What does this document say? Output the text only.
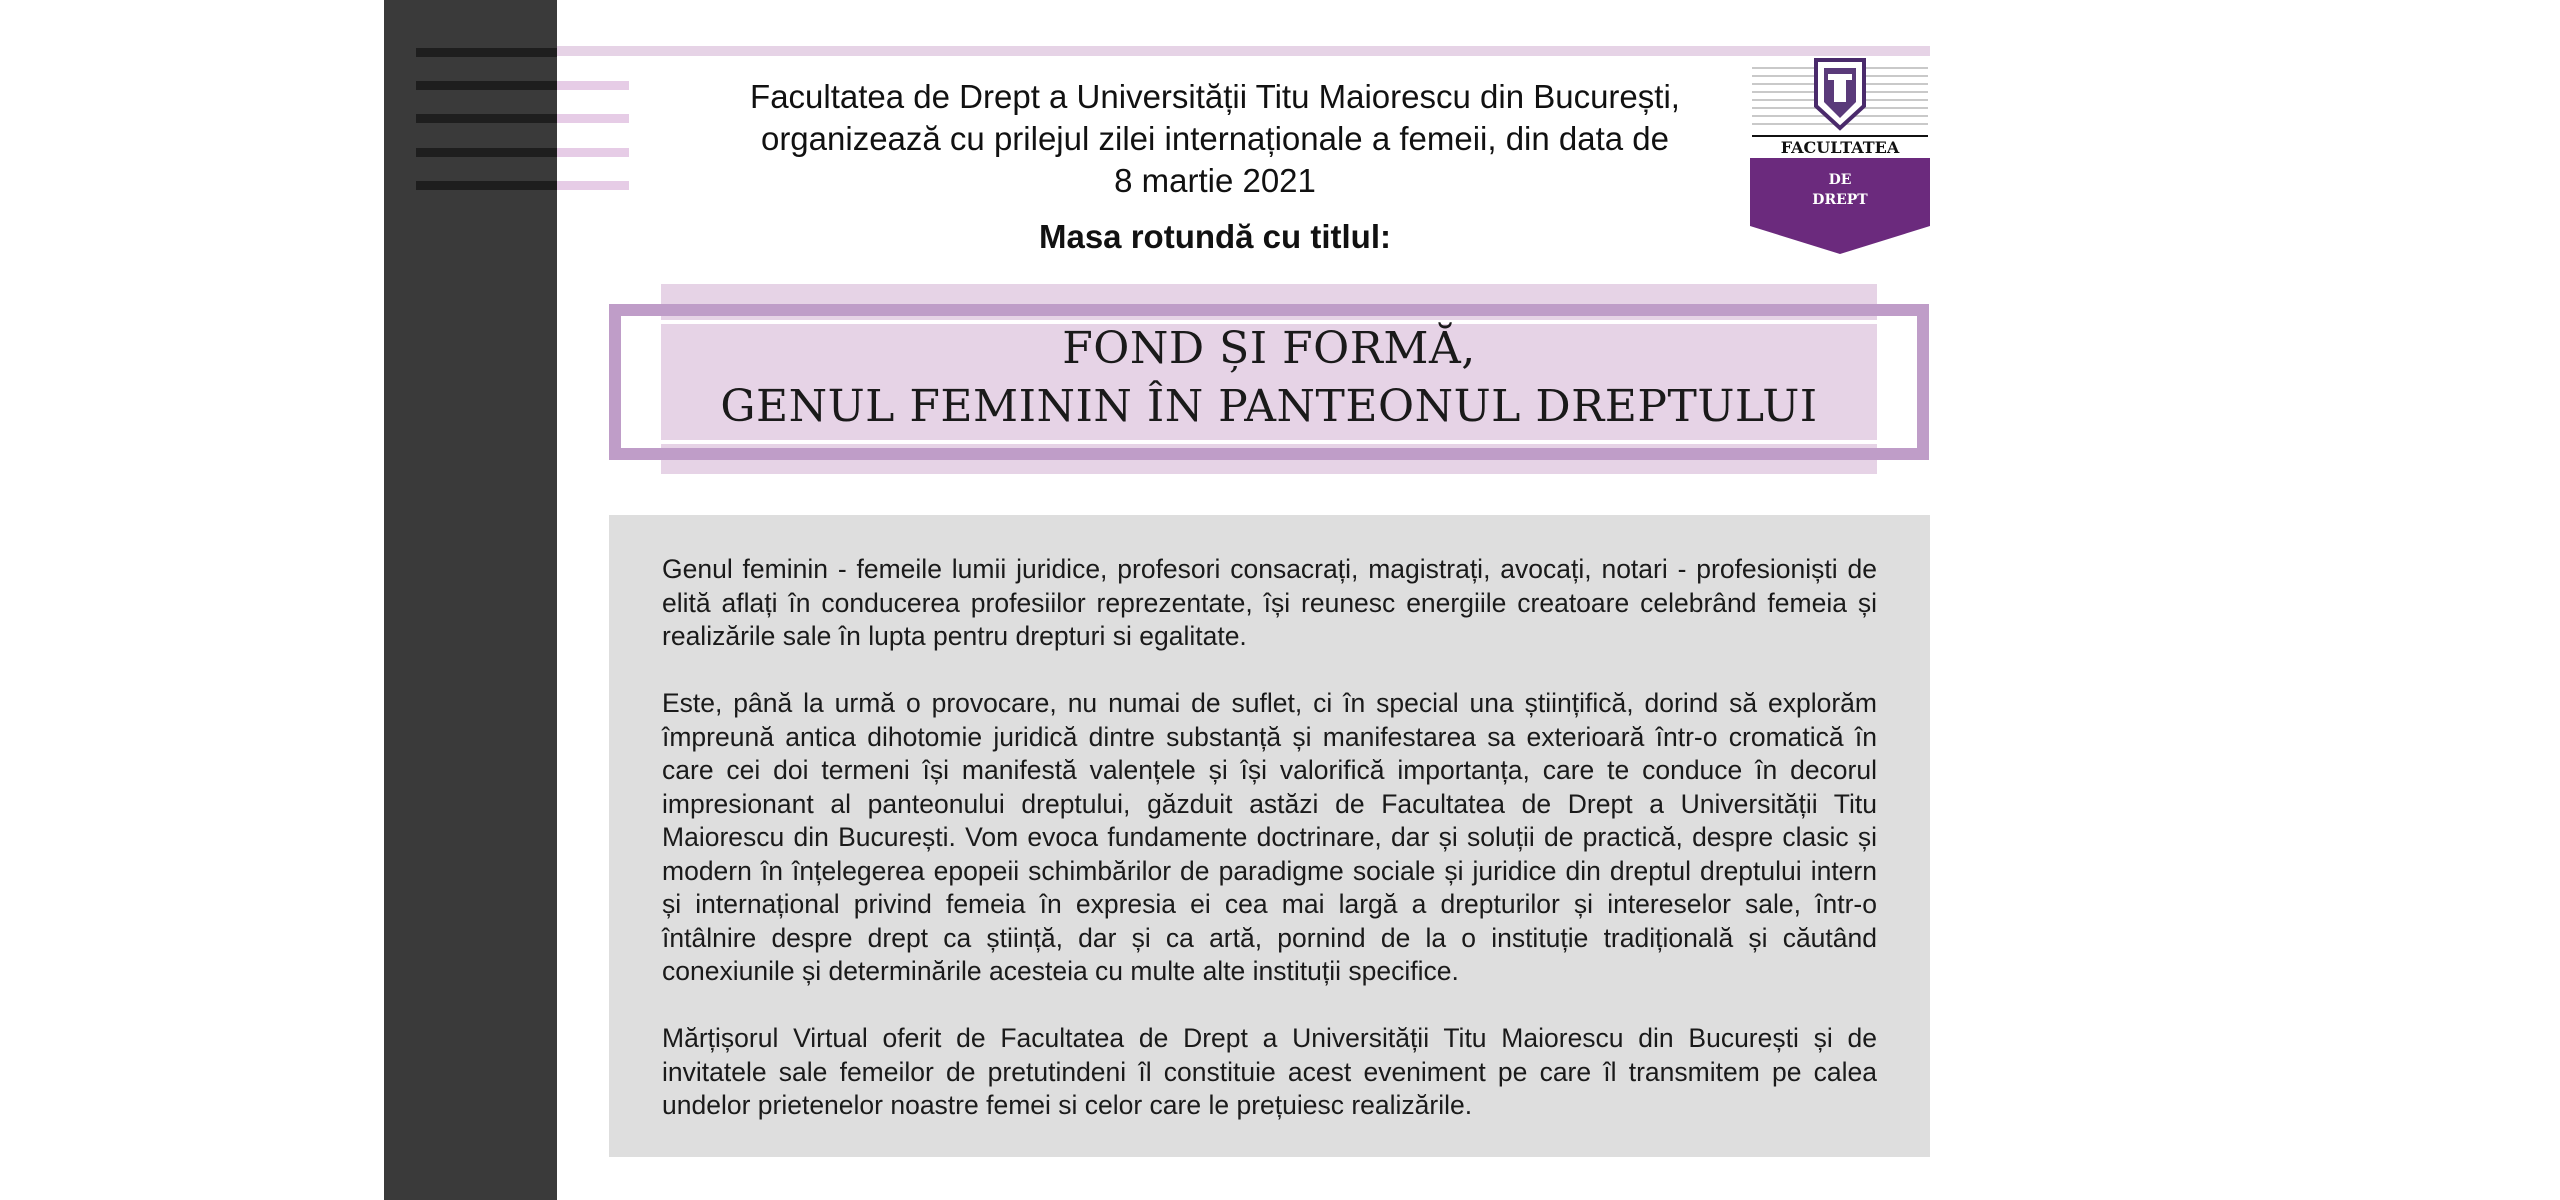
Facultatea de Drept a Universității Titu Maiorescu din București,
organizează cu prilejul zilei internaționale a femeii, din data de
8 martie 2021
Masa rotundă cu titlul:
FACULTATEA
DE
DREPT
FOND ȘI FORMĂ,
GENUL FEMININ ÎN PANTEONUL DREPTULUI

Genul feminin - femeile lumii juridice, profesori consacrați, magistrați, avocați, notari - profesioniști de elită aflați în conducerea profesiilor reprezentate, își reunesc energiile creatoare celebrând femeia și realizările sale în lupta pentru drepturi si egalitate.

Este, până la urmă o provocare, nu numai de suflet, ci în special una științifică, dorind să explorăm împreună antica dihotomie juridică dintre substanță și manifestarea sa exterioară într-o cromatică în care cei doi termeni își manifestă valențele și își valorifică importanța, care te conduce în decorul impresionant al panteonului dreptului, găzduit astăzi de Facultatea de Drept a Universității Titu Maiorescu din București. Vom evoca fundamente doctrinare, dar și soluții de practică, despre clasic și modern în înțelegerea epopeii schimbărilor de paradigme sociale și juridice din dreptul dreptului intern și internațional privind femeia în expresia ei cea mai largă a drepturilor și intereselor sale, într-o întâlnire despre drept ca știință, dar și ca artă, pornind de la o instituție tradițională și căutând conexiunile și determinările acesteia cu multe alte instituții specifice.

Mărțișorul Virtual oferit de Facultatea de Drept a Universității Titu Maiorescu din București și de invitatele sale femeilor de pretutindeni îl constituie acest eveniment pe care îl transmitem pe calea undelor prietenelor noastre femei si celor care le prețuiesc realizările.
